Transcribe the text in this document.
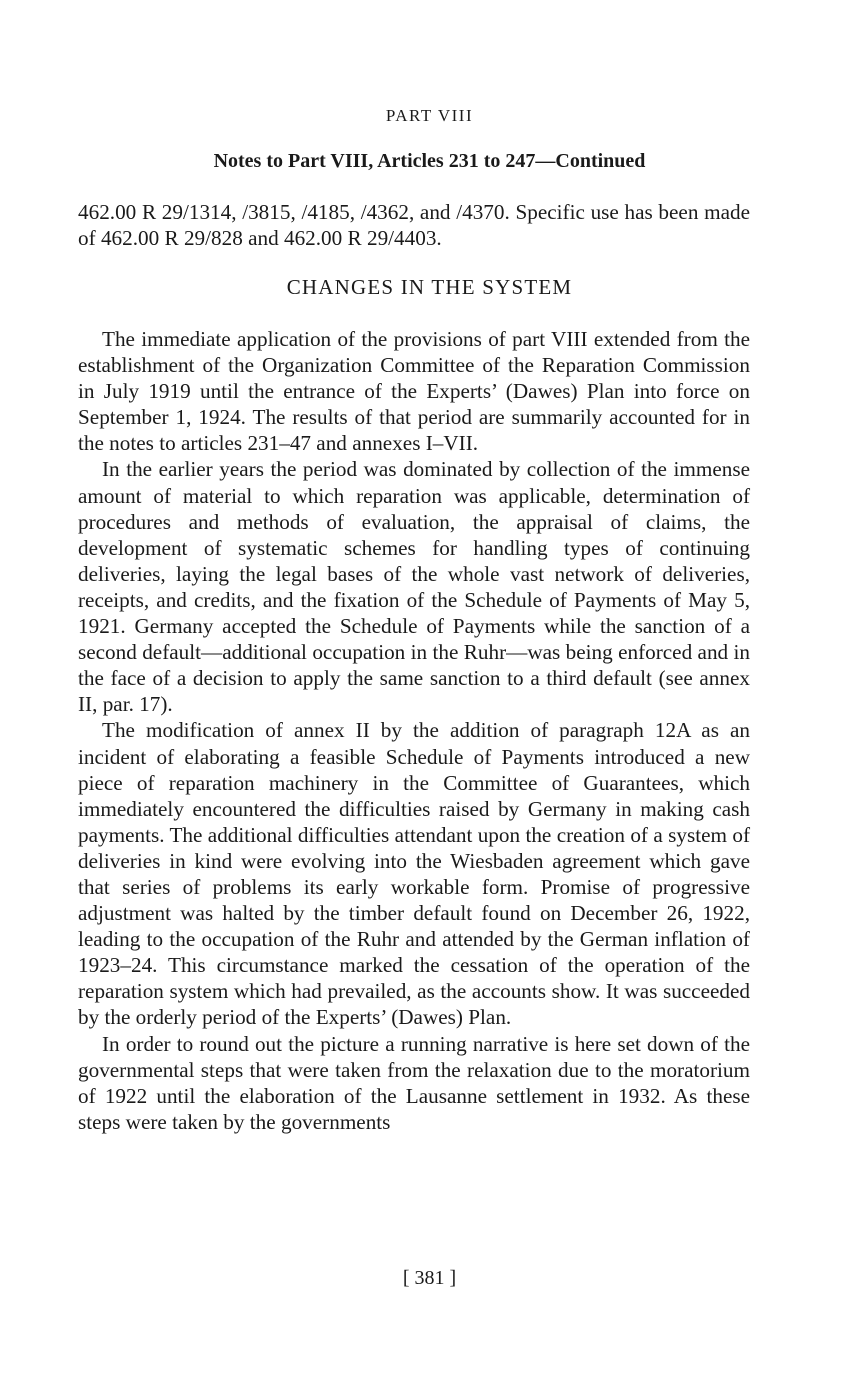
PART VIII
Notes to Part VIII, Articles 231 to 247—Continued
462.00 R 29/1314, /3815, /4185, /4362, and /4370. Specific use has been made of 462.00 R 29/828 and 462.00 R 29/4403.
CHANGES IN THE SYSTEM

The immediate application of the provisions of part VIII extended from the establishment of the Organization Committee of the Reparation Commission in July 1919 until the entrance of the Experts’ (Dawes) Plan into force on September 1, 1924. The results of that period are summarily accounted for in the notes to articles 231–47 and annexes I–VII.

In the earlier years the period was dominated by collection of the immense amount of material to which reparation was applicable, determination of procedures and methods of evaluation, the appraisal of claims, the development of systematic schemes for handling types of continuing deliveries, laying the legal bases of the whole vast network of deliveries, receipts, and credits, and the fixation of the Schedule of Payments of May 5, 1921. Germany accepted the Schedule of Payments while the sanction of a second default—additional occupation in the Ruhr—was being enforced and in the face of a decision to apply the same sanction to a third default (see annex II, par. 17).

The modification of annex II by the addition of paragraph 12A as an incident of elaborating a feasible Schedule of Payments introduced a new piece of reparation machinery in the Committee of Guarantees, which immediately encountered the difficulties raised by Germany in making cash payments. The additional difficulties attendant upon the creation of a system of deliveries in kind were evolving into the Wiesbaden agreement which gave that series of problems its early workable form. Promise of progressive adjustment was halted by the timber default found on December 26, 1922, leading to the occupation of the Ruhr and attended by the German inflation of 1923–24. This circumstance marked the cessation of the operation of the reparation system which had prevailed, as the accounts show. It was succeeded by the orderly period of the Experts’ (Dawes) Plan.

In order to round out the picture a running narrative is here set down of the governmental steps that were taken from the relaxation due to the moratorium of 1922 until the elaboration of the Lausanne settlement in 1932. As these steps were taken by the governments

[ 381 ]
